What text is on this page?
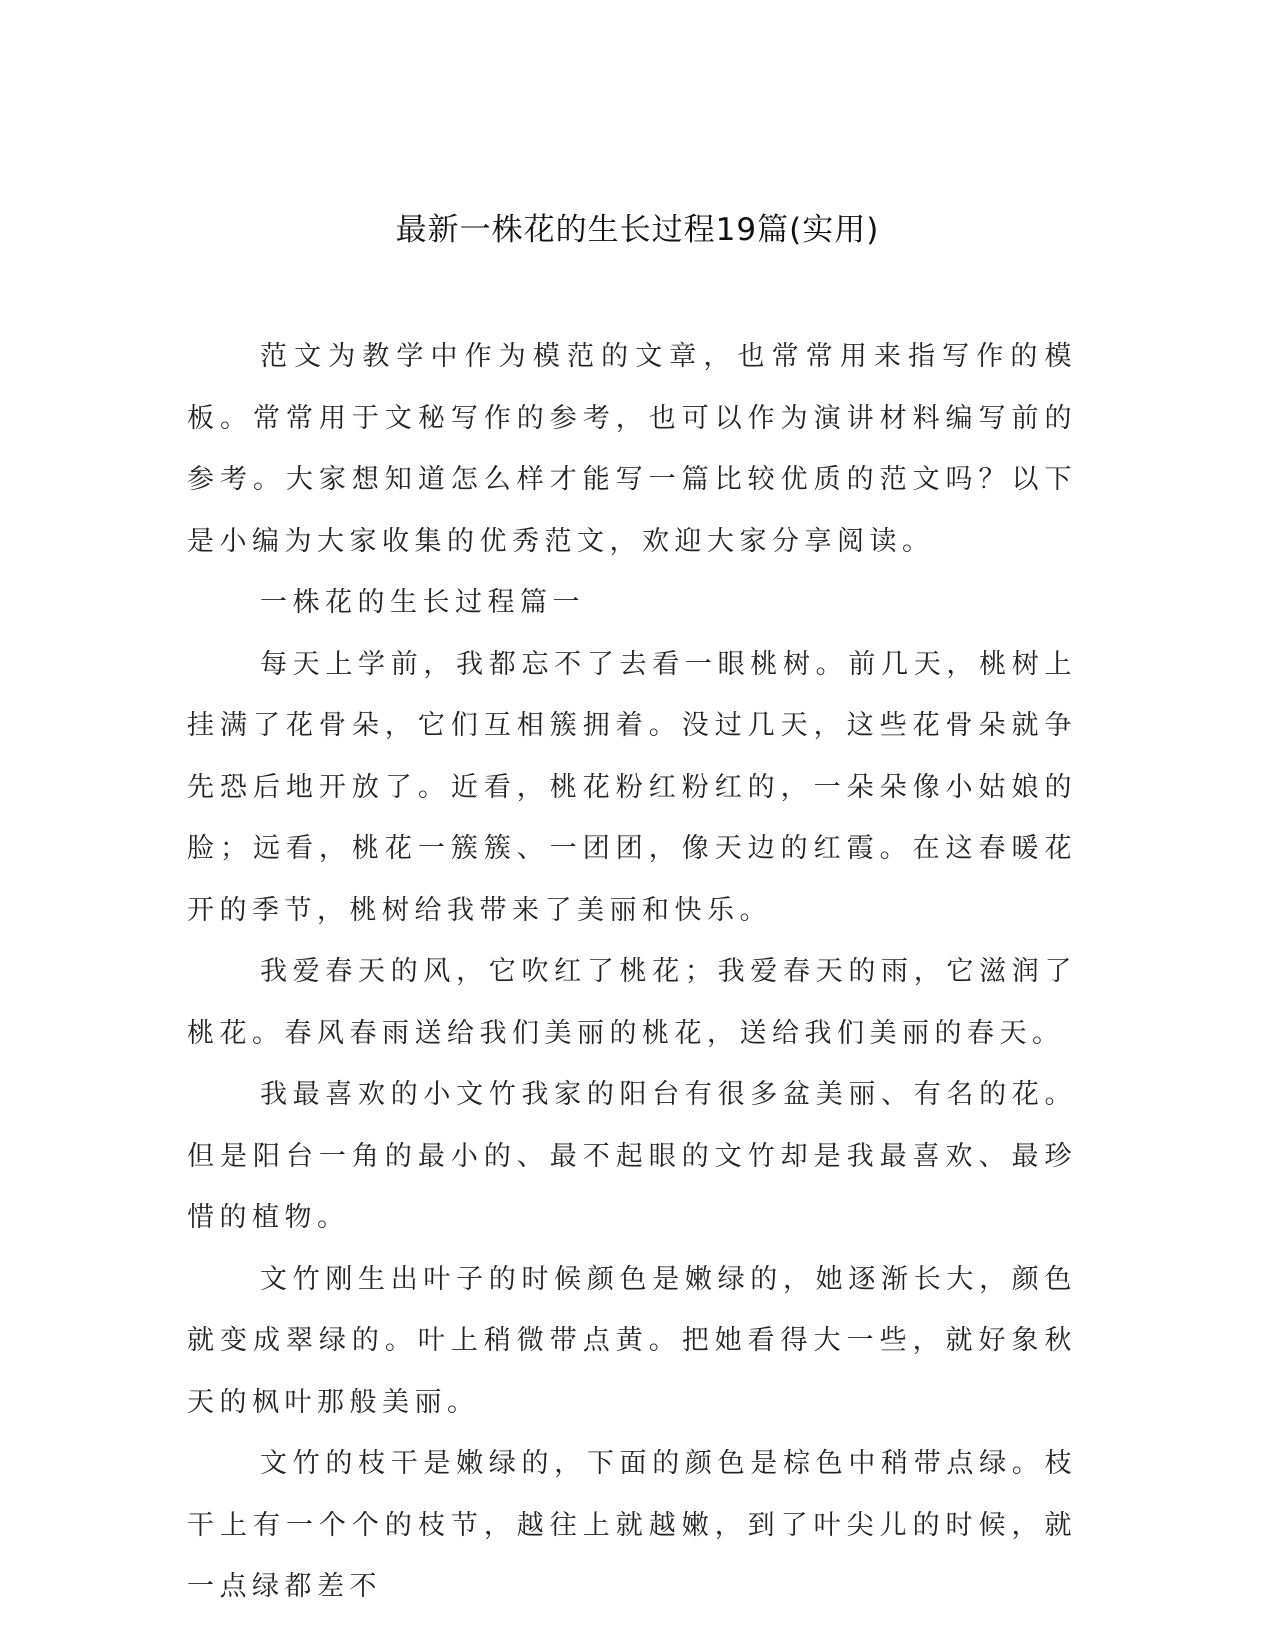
最新一株花的生长过程19篇(实用)

范文为教学中作为模范的文章，也常常用来指写作的模板。常常用于文秘写作的参考，也可以作为演讲材料编写前的参考。大家想知道怎么样才能写一篇比较优质的范文吗？以下是小编为大家收集的优秀范文，欢迎大家分享阅读。

一株花的生长过程篇一

每天上学前，我都忘不了去看一眼桃树。前几天，桃树上挂满了花骨朵，它们互相簇拥着。没过几天，这些花骨朵就争先恐后地开放了。近看，桃花粉红粉红的，一朵朵像小姑娘的脸；远看，桃花一簇簇、一团团，像天边的红霞。在这春暖花开的季节，桃树给我带来了美丽和快乐。

我爱春天的风，它吹红了桃花；我爱春天的雨，它滋润了桃花。春风春雨送给我们美丽的桃花，送给我们美丽的春天。

我最喜欢的小文竹我家的阳台有很多盆美丽、有名的花。但是阳台一角的最小的、最不起眼的文竹却是我最喜欢、最珍惜的植物。

文竹刚生出叶子的时候颜色是嫩绿的，她逐渐长大，颜色就变成翠绿的。叶上稍微带点黄。把她看得大一些，就好象秋天的枫叶那般美丽。

文竹的枝干是嫩绿的，下面的颜色是棕色中稍带点绿。枝干上有一个个的枝节，越往上就越嫩，到了叶尖儿的时候，就一点绿都差不
